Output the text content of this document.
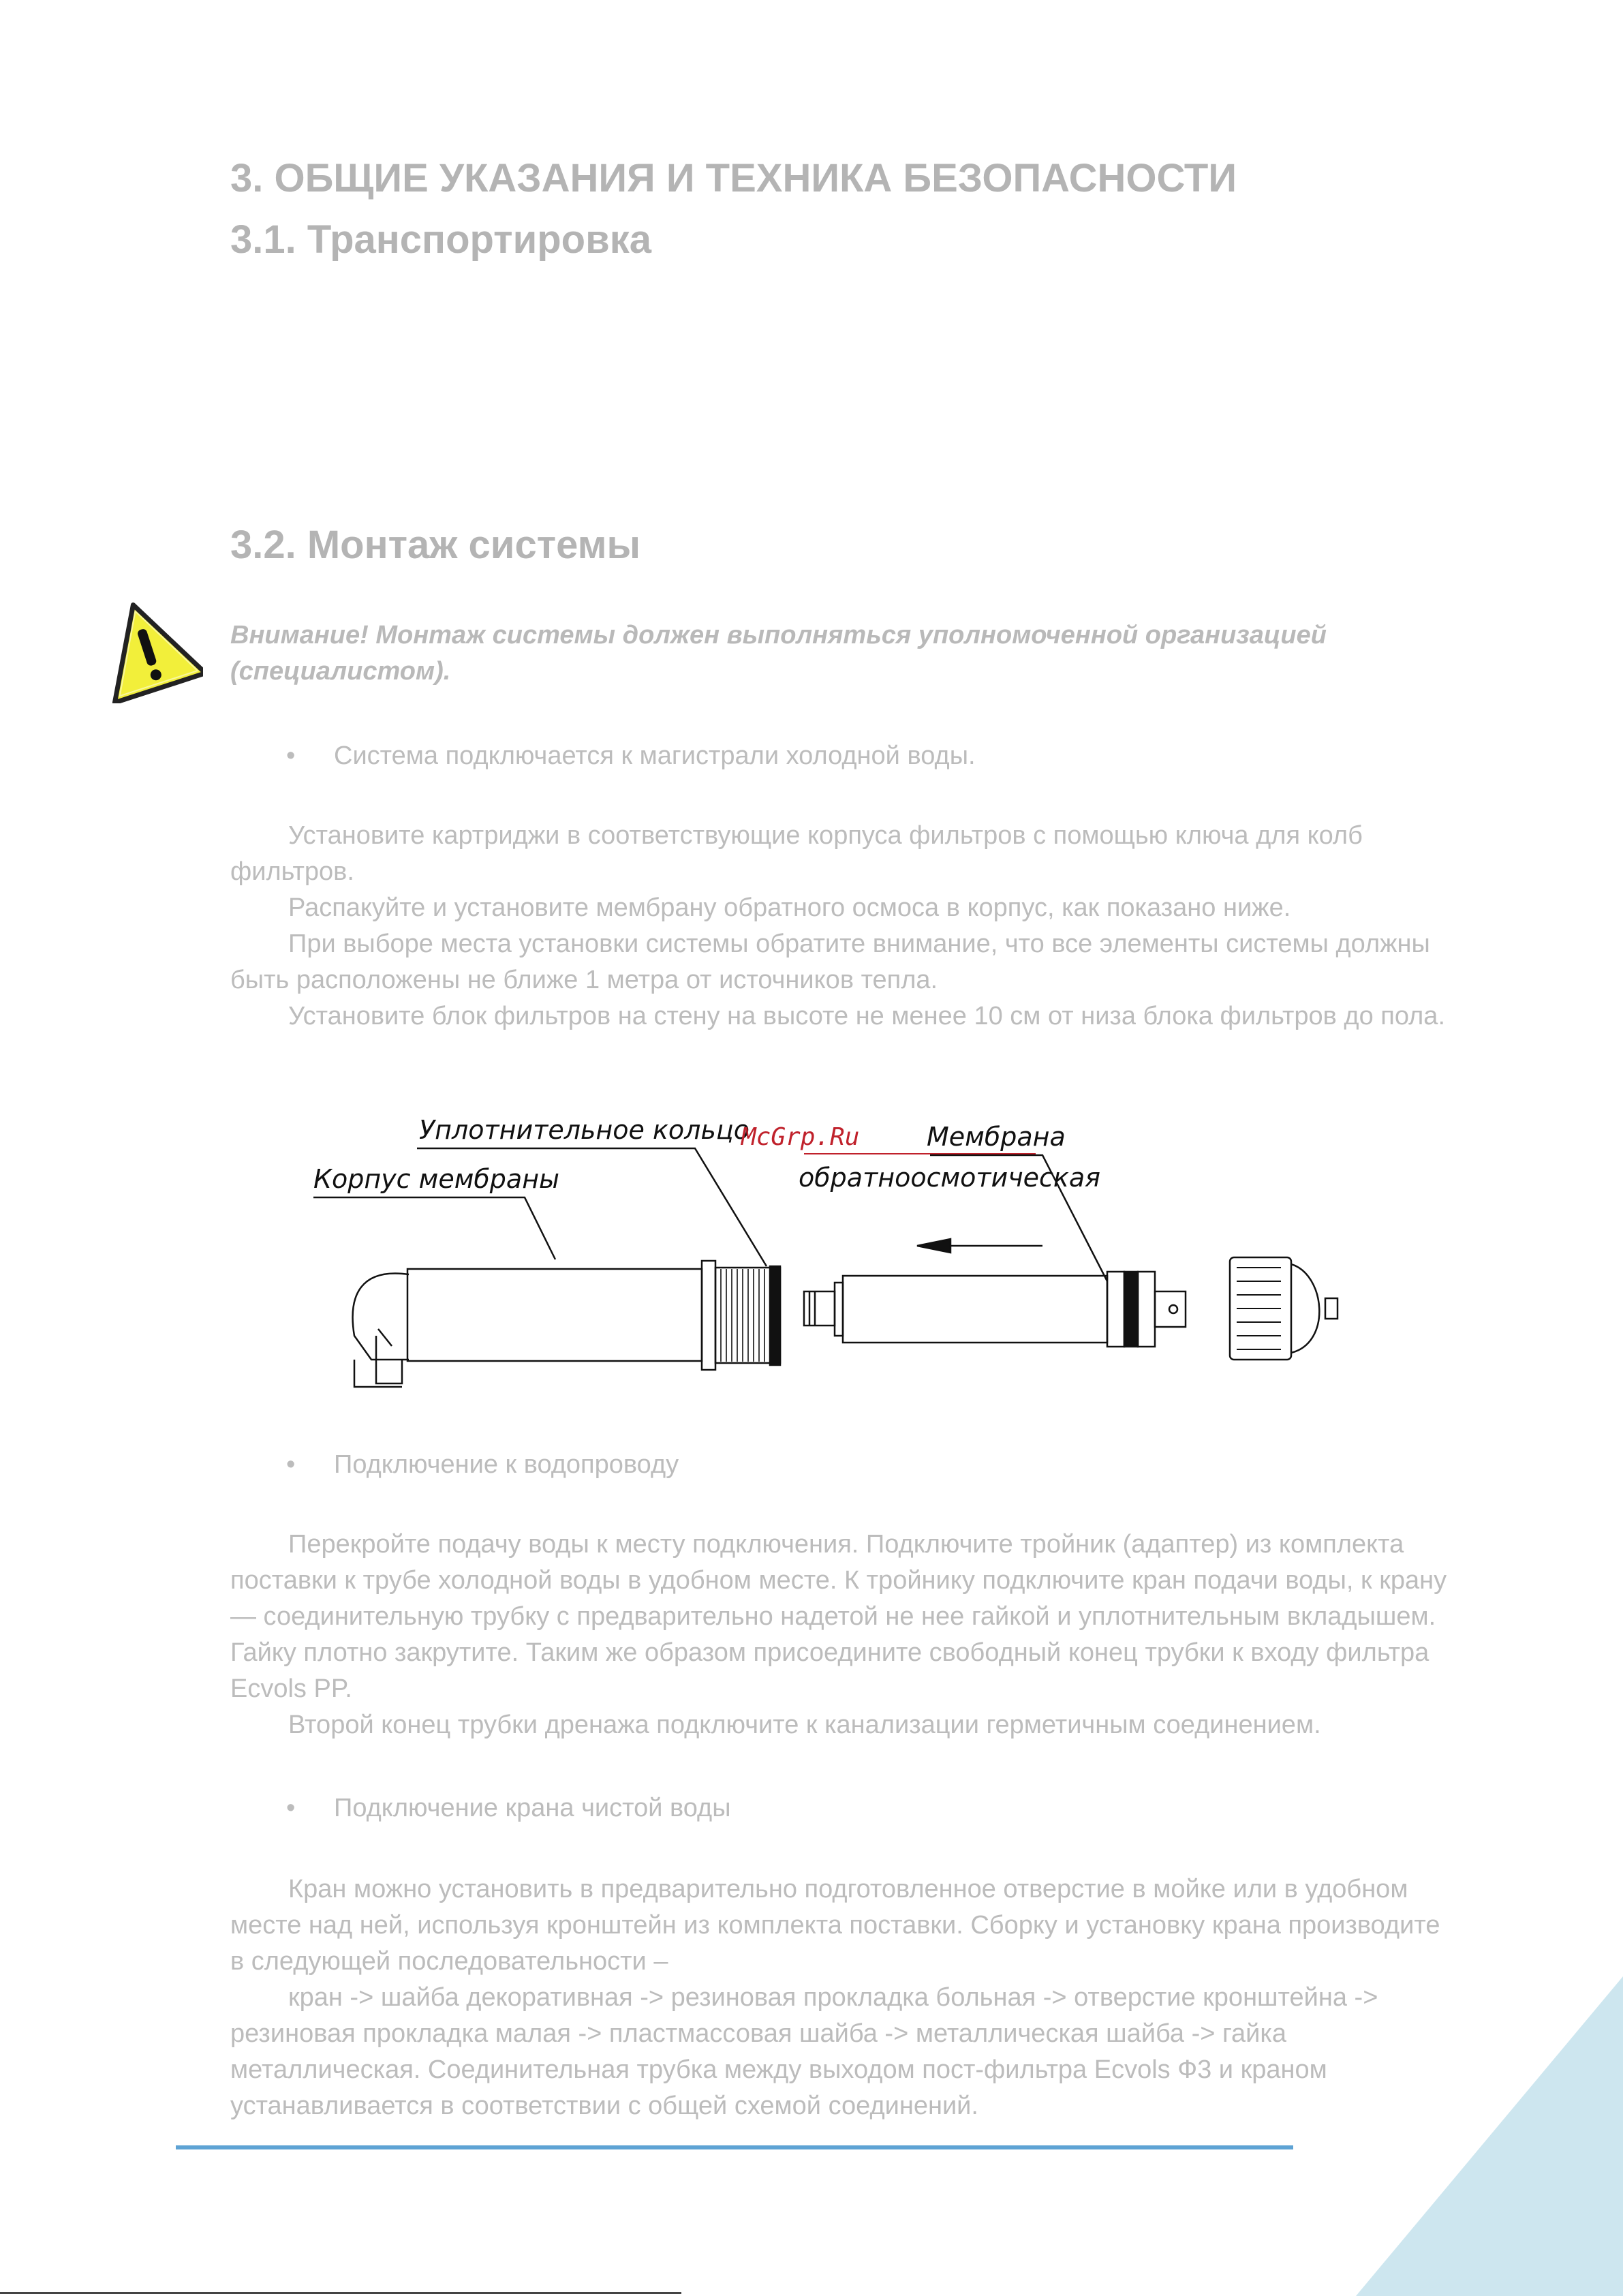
3. ОБЩИЕ УКАЗАНИЯ И ТЕХНИКА БЕЗОПАСНОСТИ
3.1. Транспортировка
3.2. Монтаж системы
Внимание! Монтаж системы должен выполняться уполномоченной организацией (специалистом).
• Система подключается к магистрали холодной воды.

Установите картриджи в соответствующие корпуса фильтров с помощью ключа для колб фильтров.

Распакуйте и установите мембрану обратного осмоса в корпус, как показано ниже.

При выборе места установки системы обратите внимание, что все элементы системы должны быть расположены не ближе 1 метра от источников тепла.

Установите блок фильтров на стену на высоте не менее 10 см от низа блока фильтров до пола.

Уплотнительное кольцо
Корпус мембраны
McGrp.Ru	Мембрана
обратноосмотическая
• Подключение к водопроводу

Перекройте подачу воды к месту подключения. Подключите тройник (адаптер) из комплекта поставки к трубе холодной воды в удобном месте. К тройнику подключите кран подачи воды, к крану — соединительную трубку с предварительно надетой не нее гайкой и уплотнительным вкладышем. Гайку плотно закрутите. Таким же образом присоедините свободный конец трубки к входу фильтра Ecvols PP.

Второй конец трубки дренажа подключите к канализации герметичным соединением.

• Подключение крана чистой воды

Кран можно установить в предварительно подготовленное отверстие в мойке или в удобном месте над ней, используя кронштейн из комплекта поставки. Сборку и установку крана производите в следующей последовательности –

кран -> шайба декоративная -> резиновая прокладка больная -> отверстие кронштейна -> резиновая прокладка малая -> пластмассовая шайба -> металлическая шайба -> гайка металлическая. Соединительная трубка между выходом пост-фильтра Ecvols Ф3 и краном устанавливается в соответствии с общей схемой соединений.
